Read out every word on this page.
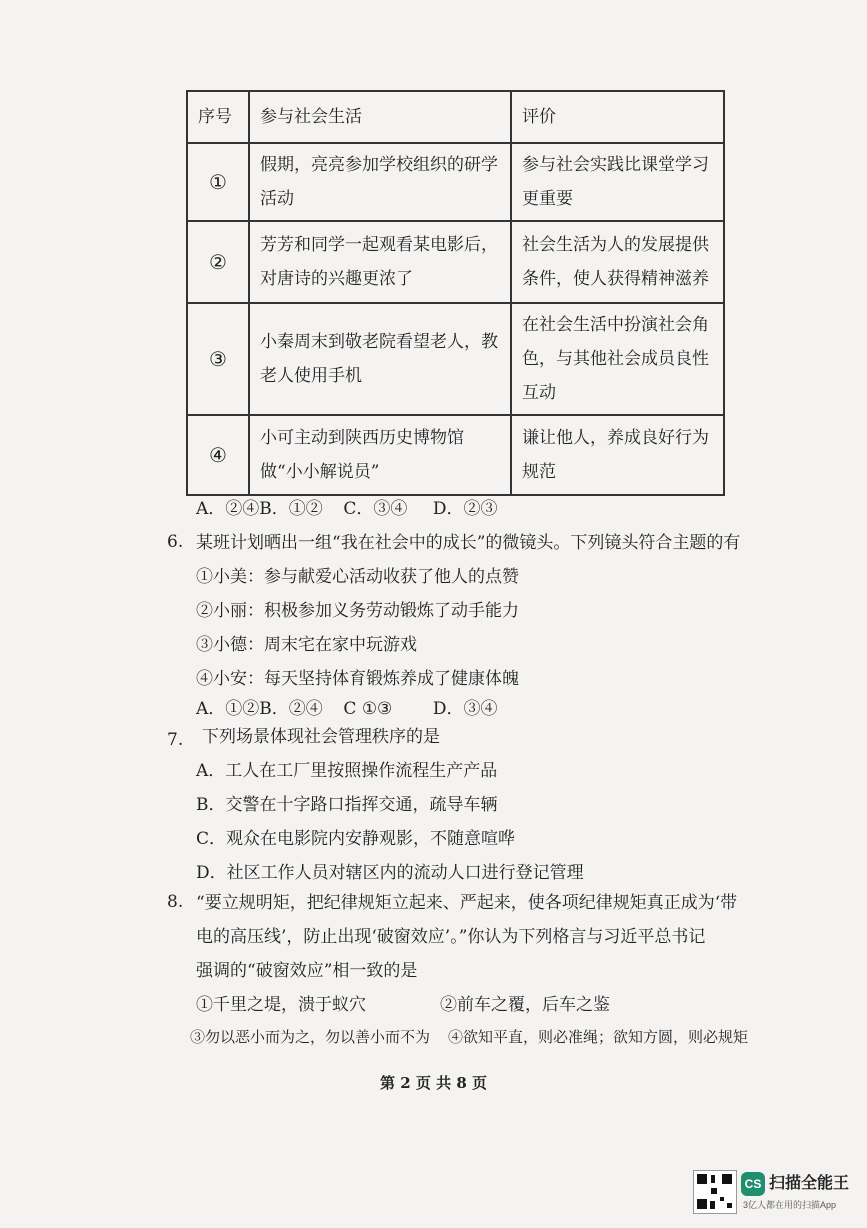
序号	参与社会生活	评价
①	假期，亮亮参加学校组织的研学活动	参与社会实践比课堂学习更重要
②	芳芳和同学一起观看某电影后，对唐诗的兴趣更浓了	社会生活为人的发展提供条件，使人获得精神滋养
③	小秦周末到敬老院看望老人，教老人使用手机	在社会生活中扮演社会角色，与其他社会成员良性互动
④	小可主动到陕西历史博物馆做“小小解说员”	谦让他人，养成良好行为规范
A．②④B．①② C．③④ D．②③
6. 某班计划晒出一组“我在社会中的成长”的微镜头。下列镜头符合主题的有
①小美：参与献爱心活动收获了他人的点赞
②小丽：积极参加义务劳动锻炼了动手能力
③小德：周末宅在家中玩游戏
④小安：每天坚持体育锻炼养成了健康体魄
A．①②B．②④ C ①③ D．③④
7. 下列场景体现社会管理秩序的是
A．工人在工厂里按照操作流程生产产品
B．交警在十字路口指挥交通，疏导车辆
C．观众在电影院内安静观影，不随意喧哗
D．社区工作人员对辖区内的流动人口进行登记管理
8. “要立规明矩，把纪律规矩立起来、严起来，使各项纪律规矩真正成为‘带
电的高压线’，防止出现‘破窗效应’。”你认为下列格言与习近平总书记
强调的“破窗效应”相一致的是
①千里之堤，溃于蚁穴	②前车之覆，后车之鉴
③勿以恶小而为之，勿以善小而不为 ④欲知平直，则必准绳；欲知方圆，则必规矩
第 2 页 共 8 页
CS 扫描全能王
3亿人都在用的扫描App
